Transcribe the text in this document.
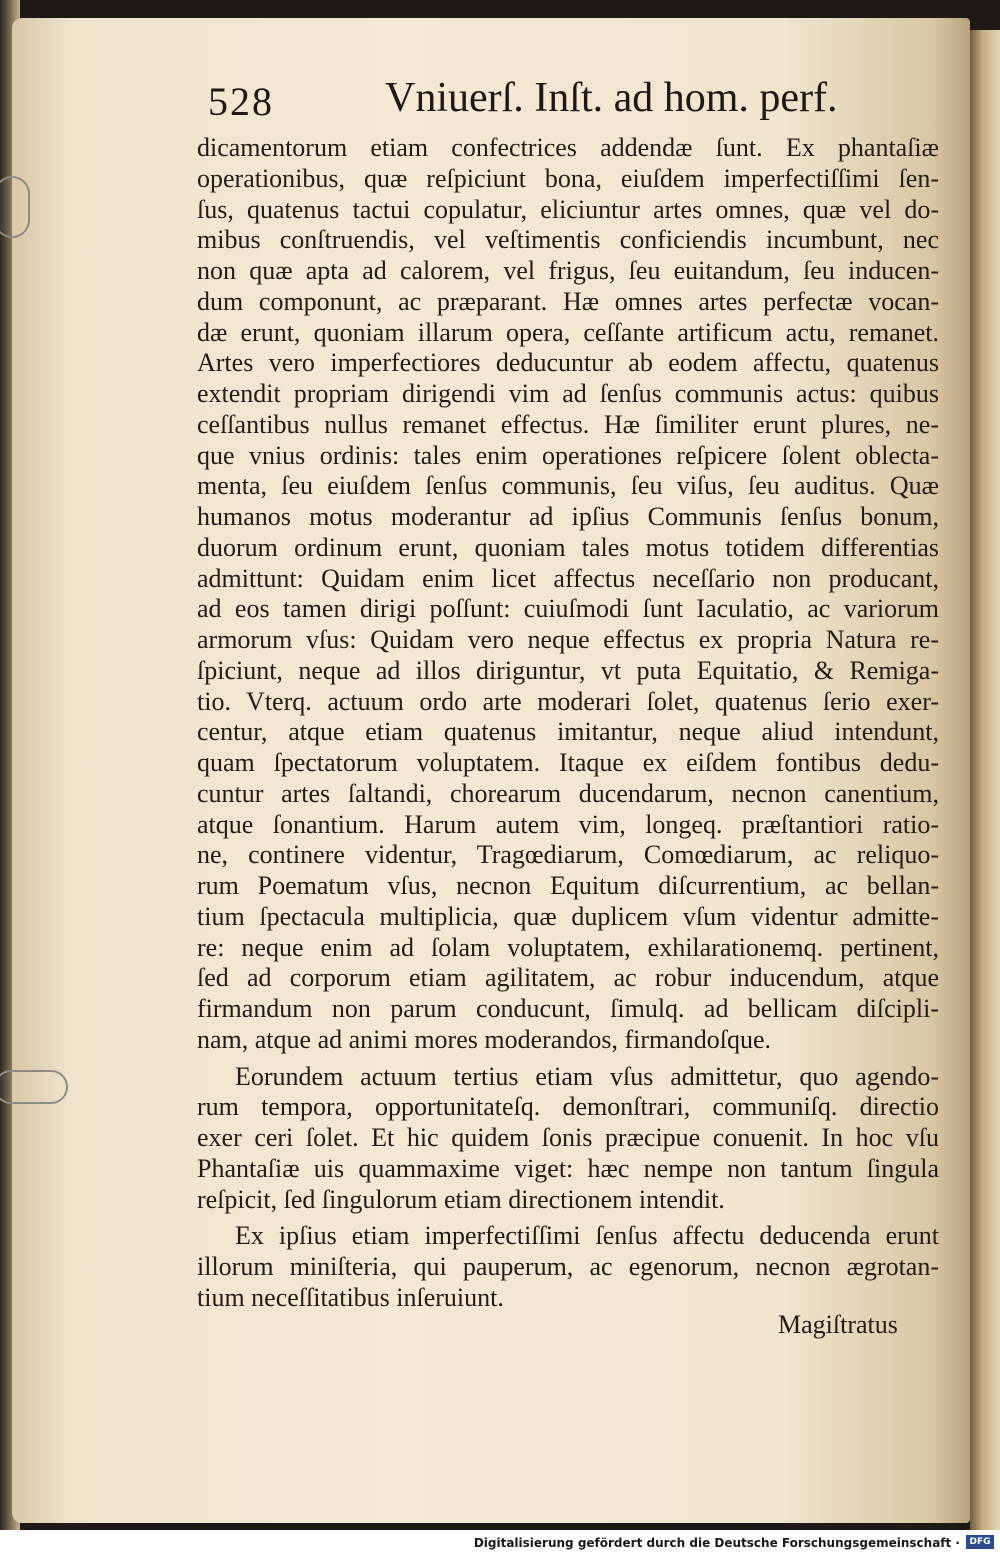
528	Vniuerſ. Inſt. ad hom. perf.
dicamentorum etiam confectrices addendæ ſunt. Ex phantaſiæ
operationibus, quæ reſpiciunt bona, eiuſdem imperfectiſſimi ſen-
ſus, quatenus tactui copulatur, eliciuntur artes omnes, quæ vel do-
mibus conſtruendis, vel veſtimentis conficiendis incumbunt, nec
non quæ apta ad calorem, vel frigus, ſeu euitandum, ſeu inducen-
dum componunt, ac præparant. Hæ omnes artes perfectæ vocan-
dæ erunt, quoniam illarum opera, ceſſante artificum actu, remanet.
Artes vero imperfectiores deducuntur ab eodem affectu, quatenus
extendit propriam dirigendi vim ad ſenſus communis actus: quibus
ceſſantibus nullus remanet effectus. Hæ ſimiliter erunt plures, ne-
que vnius ordinis: tales enim operationes reſpicere ſolent oblecta-
menta, ſeu eiuſdem ſenſus communis, ſeu viſus, ſeu auditus. Quæ
humanos motus moderantur ad ipſius Communis ſenſus bonum,
duorum ordinum erunt, quoniam tales motus totidem differentias
admittunt: Quidam enim licet affectus neceſſario non producant,
ad eos tamen dirigi poſſunt: cuiuſmodi ſunt Iaculatio, ac variorum
armorum vſus: Quidam vero neque effectus ex propria Natura re-
ſpiciunt, neque ad illos diriguntur, vt puta Equitatio, & Remiga-
tio. Vterq. actuum ordo arte moderari ſolet, quatenus ſerio exer-
centur, atque etiam quatenus imitantur, neque aliud intendunt,
quam ſpectatorum voluptatem. Itaque ex eiſdem fontibus dedu-
cuntur artes ſaltandi, chorearum ducendarum, necnon canentium,
atque ſonantium. Harum autem vim, longeq. præſtantiori ratio-
ne, continere videntur, Tragœdiarum, Comœdiarum, ac reliquo-
rum Poematum vſus, necnon Equitum diſcurrentium, ac bellan-
tium ſpectacula multiplicia, quæ duplicem vſum videntur admitte-
re: neque enim ad ſolam voluptatem, exhilarationemq. pertinent,
ſed ad corporum etiam agilitatem, ac robur inducendum, atque
firmandum non parum conducunt, ſimulq. ad bellicam diſcipli-
nam, atque ad animi mores moderandos, firmandoſque.
Eorundem actuum tertius etiam vſus admittetur, quo agendo-
rum tempora, opportunitateſq. demonſtrari, communiſq. directio
exer ceri ſolet. Et hic quidem ſonis præcipue conuenit. In hoc vſu
Phantaſiæ uis quammaxime viget: hæc nempe non tantum ſingula
reſpicit, ſed ſingulorum etiam directionem intendit.
Ex ipſius etiam imperfectiſſimi ſenſus affectu deducenda erunt
illorum miniſteria, qui pauperum, ac egenorum, necnon ægrotan-
tium neceſſitatibus inſeruiunt.
Magiſtratus
Digitalisierung gefördert durch die Deutsche Forschungsgemeinschaft ·	DFG
